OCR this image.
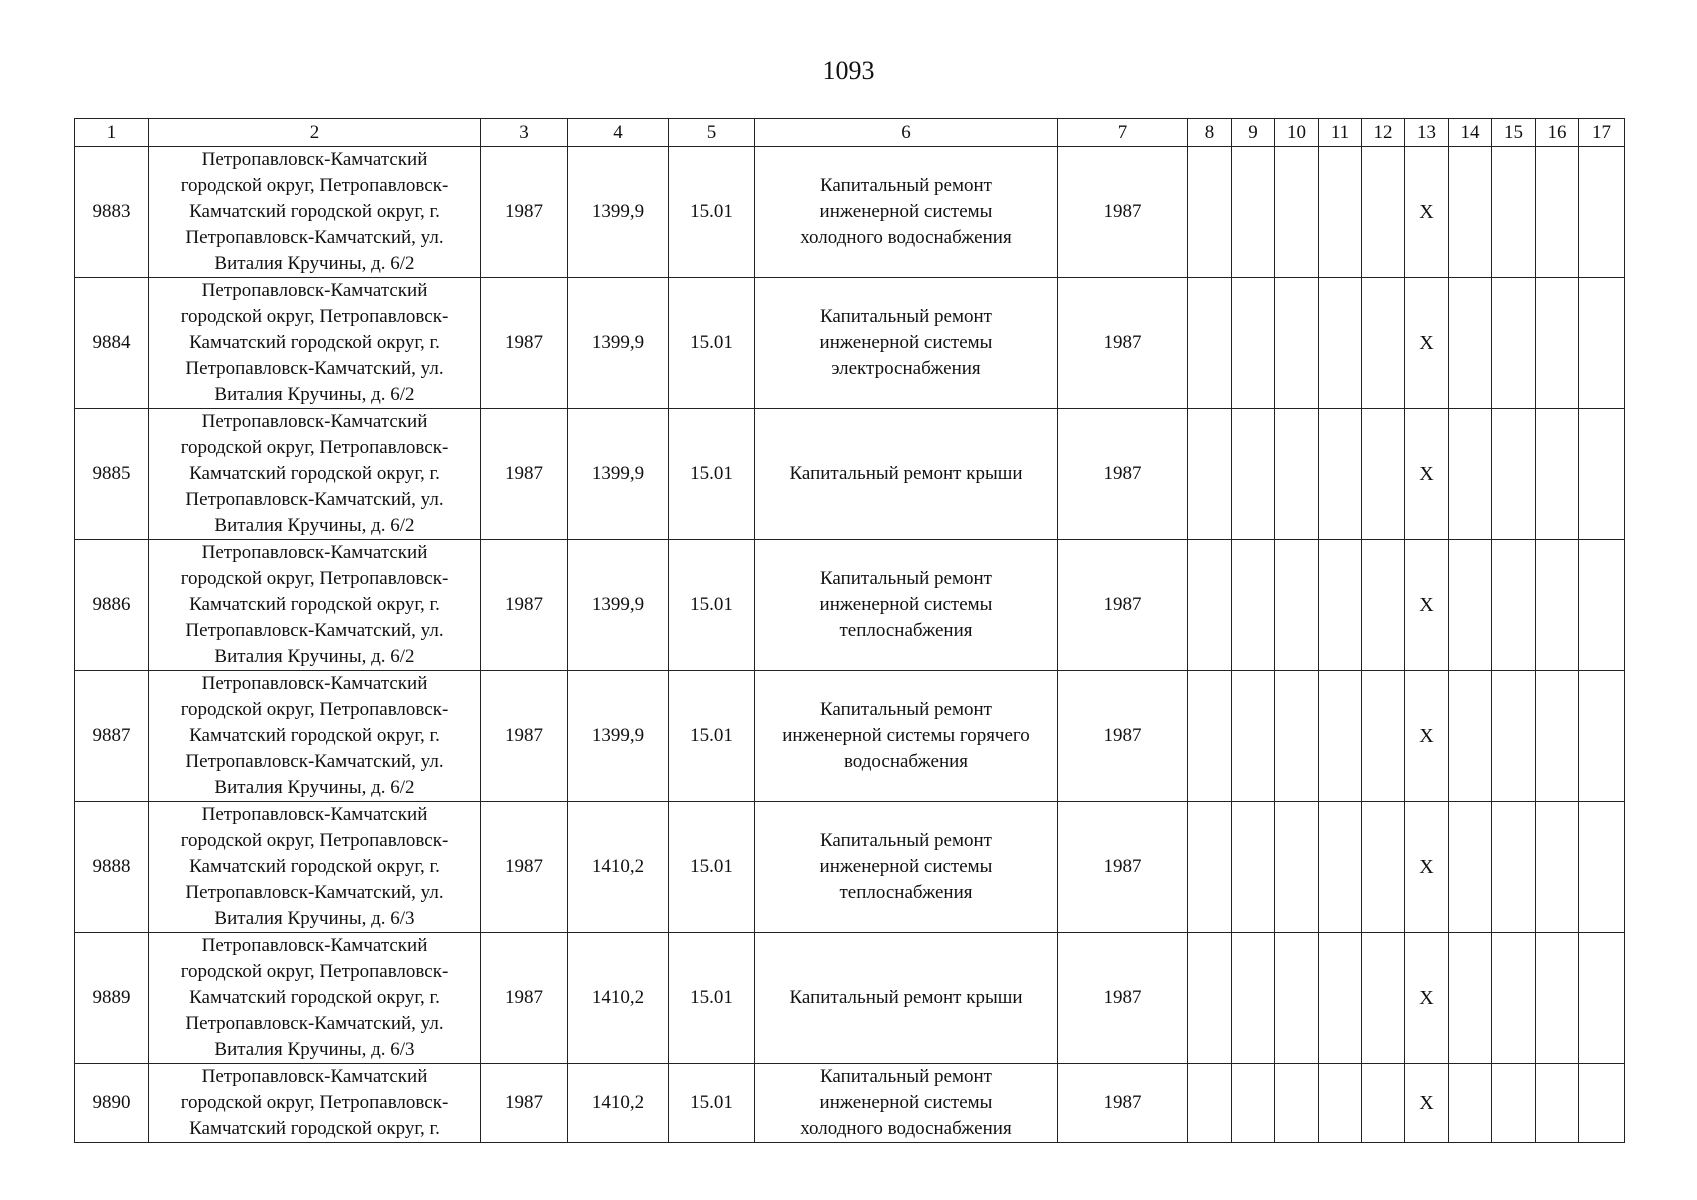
1093
1	2	3	4	5	6	7	8	9	10	11	12	13	14	15	16	17
9883	Петропавловск-Камчатский
городской округ, Петропавловск-
Камчатский городской округ, г.
Петропавловск-Камчатский, ул.
Виталия Кручины, д. 6/2	1987	1399,9	15.01	Капитальный ремонт
инженерной системы
холодного водоснабжения	1987						X				
9884	Петропавловск-Камчатский
городской округ, Петропавловск-
Камчатский городской округ, г.
Петропавловск-Камчатский, ул.
Виталия Кручины, д. 6/2	1987	1399,9	15.01	Капитальный ремонт
инженерной системы
электроснабжения	1987						X				
9885	Петропавловск-Камчатский
городской округ, Петропавловск-
Камчатский городской округ, г.
Петропавловск-Камчатский, ул.
Виталия Кручины, д. 6/2	1987	1399,9	15.01	Капитальный ремонт крыши	1987						X				
9886	Петропавловск-Камчатский
городской округ, Петропавловск-
Камчатский городской округ, г.
Петропавловск-Камчатский, ул.
Виталия Кручины, д. 6/2	1987	1399,9	15.01	Капитальный ремонт
инженерной системы
теплоснабжения	1987						X				
9887	Петропавловск-Камчатский
городской округ, Петропавловск-
Камчатский городской округ, г.
Петропавловск-Камчатский, ул.
Виталия Кручины, д. 6/2	1987	1399,9	15.01	Капитальный ремонт
инженерной системы горячего
водоснабжения	1987						X				
9888	Петропавловск-Камчатский
городской округ, Петропавловск-
Камчатский городской округ, г.
Петропавловск-Камчатский, ул.
Виталия Кручины, д. 6/3	1987	1410,2	15.01	Капитальный ремонт
инженерной системы
теплоснабжения	1987						X				
9889	Петропавловск-Камчатский
городской округ, Петропавловск-
Камчатский городской округ, г.
Петропавловск-Камчатский, ул.
Виталия Кручины, д. 6/3	1987	1410,2	15.01	Капитальный ремонт крыши	1987						X				
9890	Петропавловск-Камчатский
городской округ, Петропавловск-
Камчатский городской округ, г.	1987	1410,2	15.01	Капитальный ремонт
инженерной системы
холодного водоснабжения	1987						X				
